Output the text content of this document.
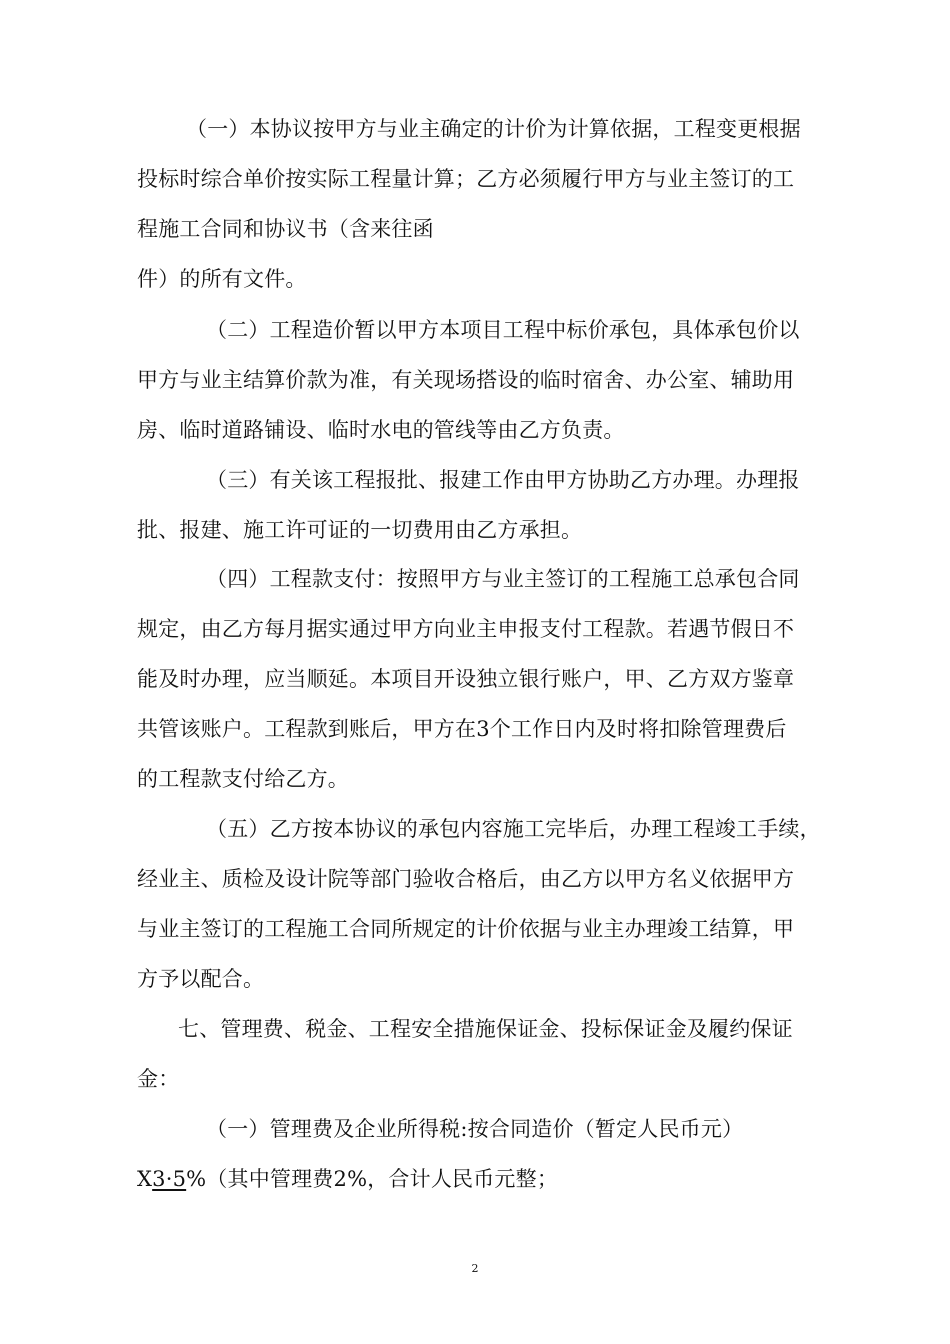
（一）本协议按甲方与业主确定的计价为计算依据，工程变更根据

投标时综合单价按实际工程量计算；乙方必须履行甲方与业主签订的工

程施工合同和协议书（含来往函

件）的所有文件。

（二）工程造价暂以甲方本项目工程中标价承包，具体承包价以

甲方与业主结算价款为准，有关现场搭设的临时宿舍、办公室、辅助用

房、临时道路铺设、临时水电的管线等由乙方负责。

（三）有关该工程报批、报建工作由甲方协助乙方办理。办理报

批、报建、施工许可证的一切费用由乙方承担。

（四）工程款支付：按照甲方与业主签订的工程施工总承包合同

规定，由乙方每月据实通过甲方向业主申报支付工程款。若遇节假日不

能及时办理，应当顺延。本项目开设独立银行账户，甲、乙方双方鉴章

共管该账户。工程款到账后，甲方在3个工作日内及时将扣除管理费后

的工程款支付给乙方。

（五）乙方按本协议的承包内容施工完毕后，办理工程竣工手续，

经业主、质检及设计院等部门验收合格后，由乙方以甲方名义依据甲方

与业主签订的工程施工合同所规定的计价依据与业主办理竣工结算，甲

方予以配合。

七、管理费、税金、工程安全措施保证金、投标保证金及履约保证

金：

（一）管理费及企业所得税:按合同造价（暂定人民币元）

X3·5%（其中管理费2%，合计人民币元整；

2
